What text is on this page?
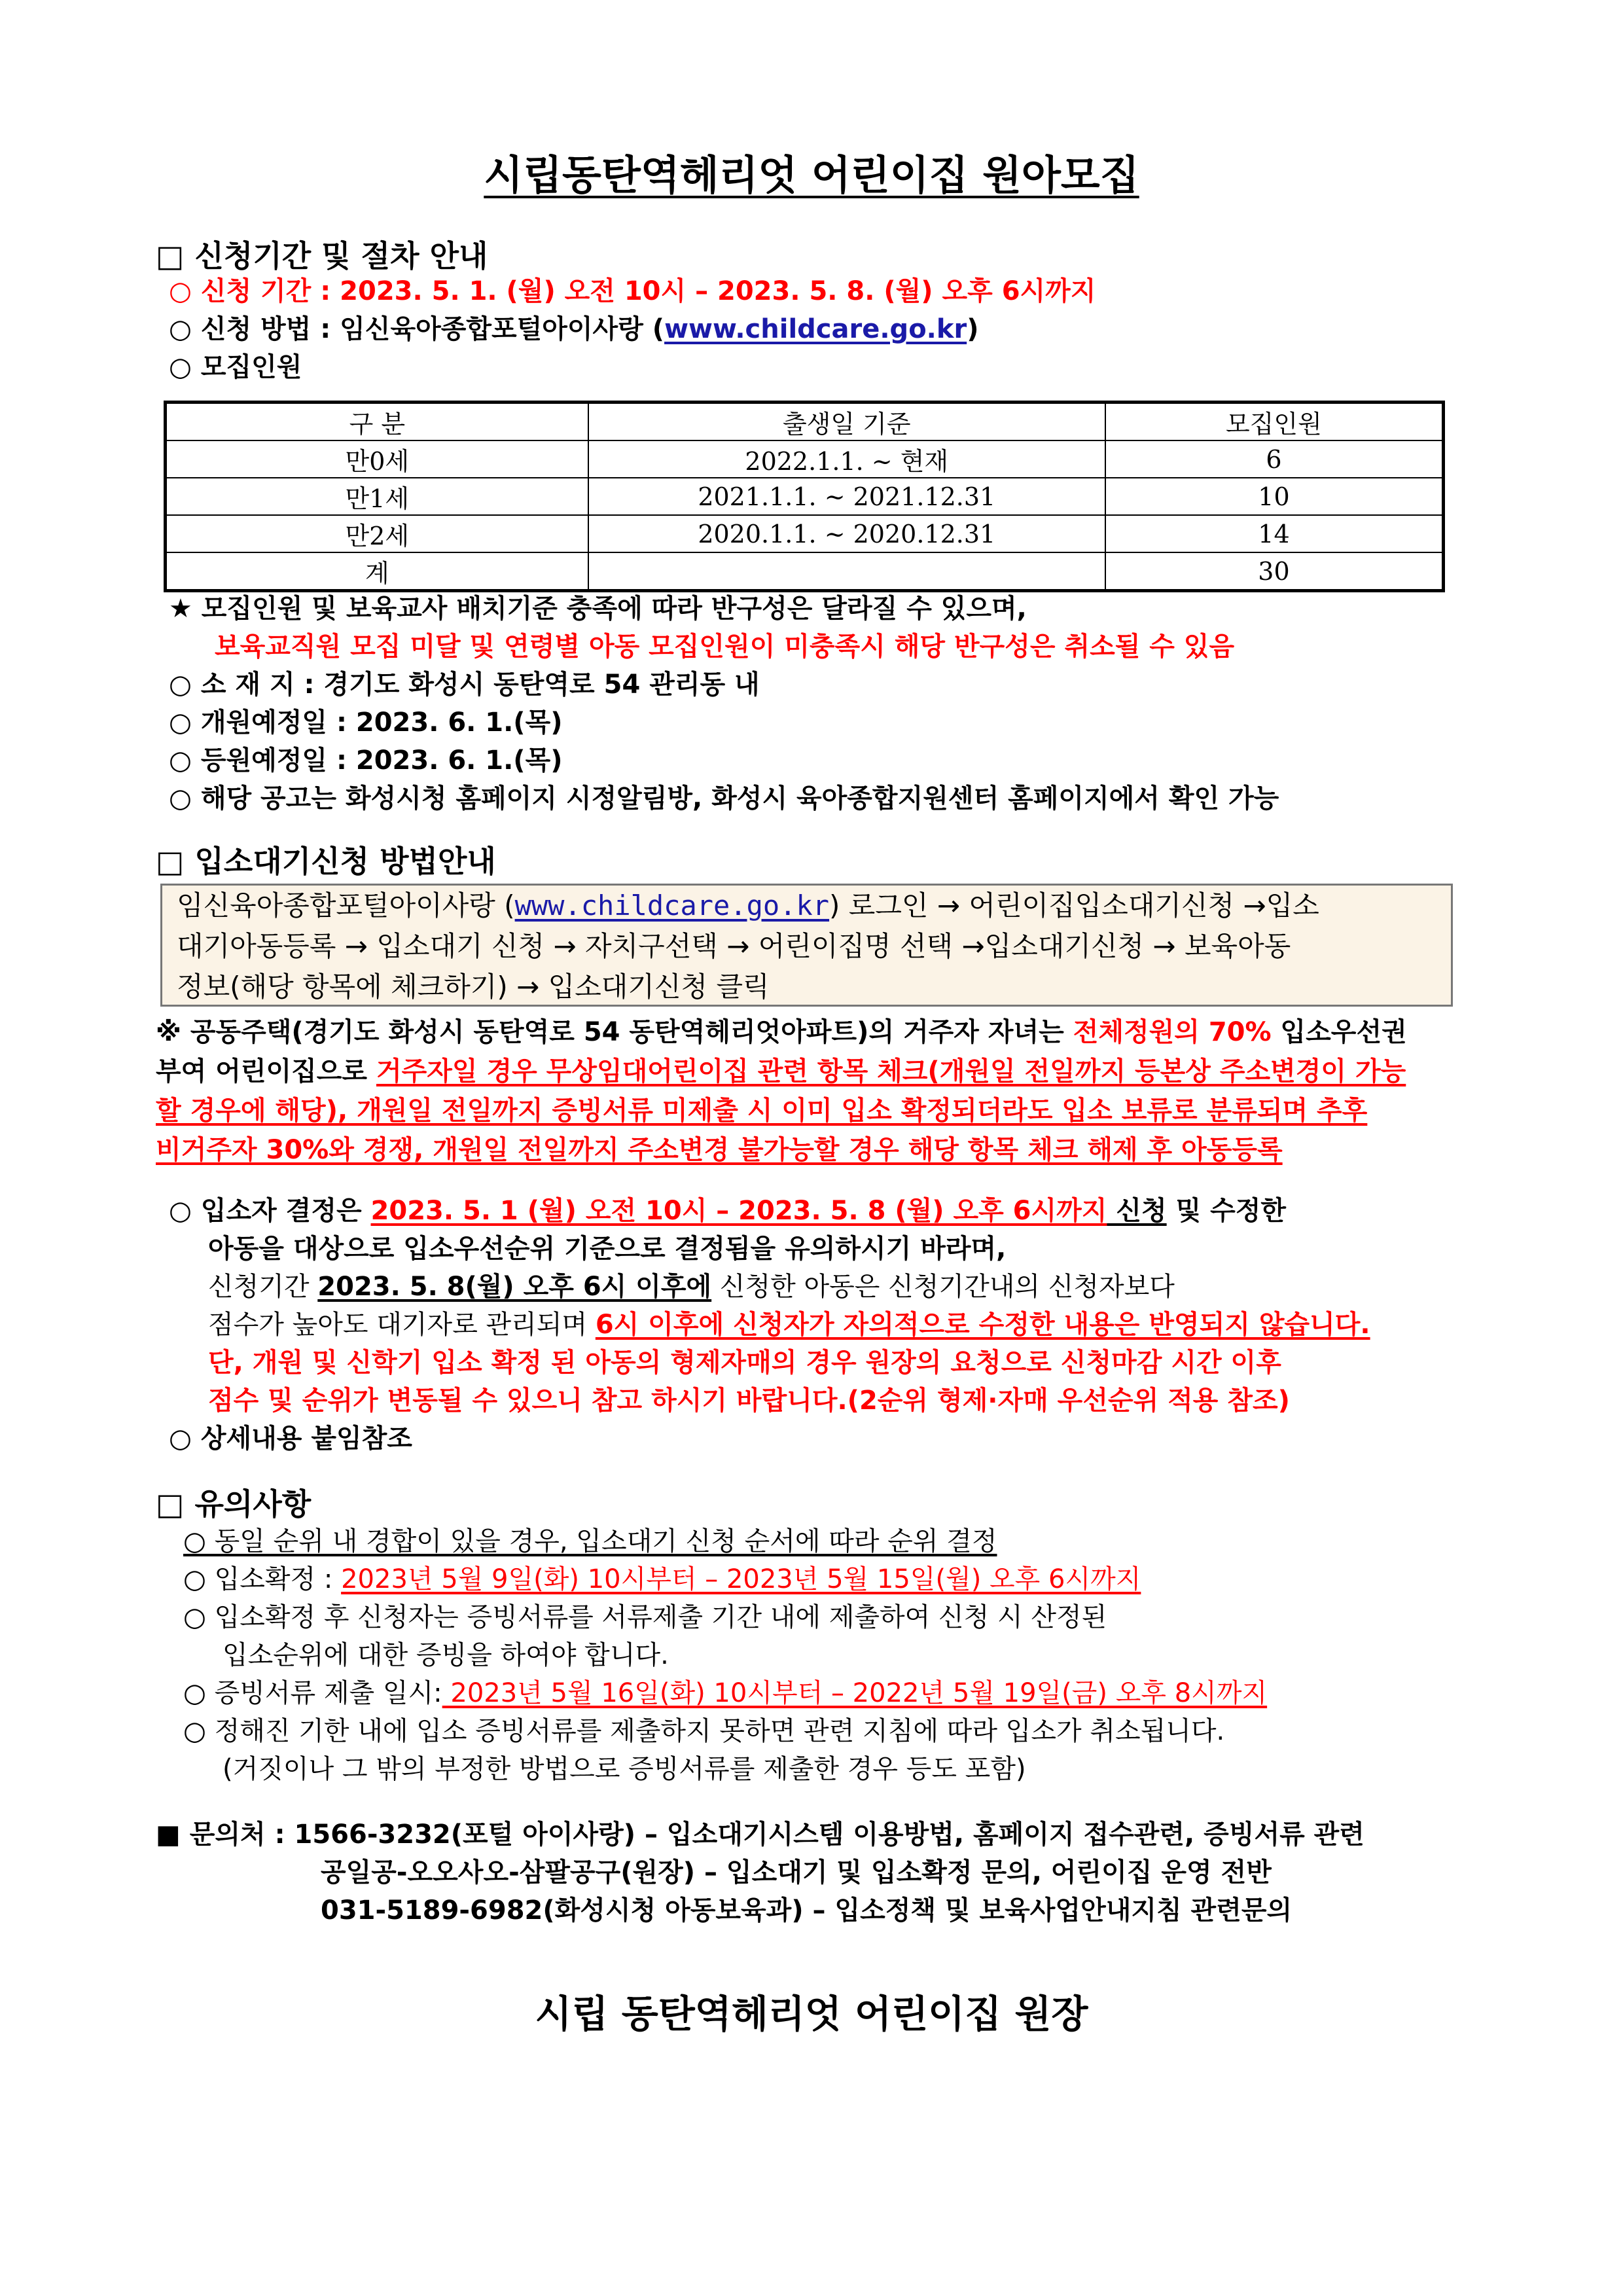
시립동탄역헤리엇 어린이집 원아모집
□ 신청기간 및 절차 안내
○ 신청 기간 : 2023. 5. 1. (월) 오전 10시 – 2023. 5. 8. (월) 오후 6시까지
○ 신청 방법 : 임신육아종합포털아이사랑 (www.childcare.go.kr)
○ 모집인원
구 분	출생일 기준	모집인원
만0세	2022.1.1. ~ 현재	6
만1세	2021.1.1. ~ 2021.12.31	10
만2세	2020.1.1. ~ 2020.12.31	14
계		30
★ 모집인원 및 보육교사 배치기준 충족에 따라 반구성은 달라질 수 있으며,
보육교직원 모집 미달 및 연령별 아동 모집인원이 미충족시 해당 반구성은 취소될 수 있음
○ 소 재 지 : 경기도 화성시 동탄역로 54 관리동 내
○ 개원예정일 : 2023. 6. 1.(목)
○ 등원예정일 : 2023. 6. 1.(목)
○ 해당 공고는 화성시청 홈페이지 시정알림방, 화성시 육아종합지원센터 홈페이지에서 확인 가능
□ 입소대기신청 방법안내
임신육아종합포털아이사랑 (www.childcare.go.kr) 로그인 → 어린이집입소대기신청 →입소
대기아동등록 → 입소대기 신청 → 자치구선택 → 어린이집명 선택 →입소대기신청 → 보육아동
정보(해당 항목에 체크하기) → 입소대기신청 클릭
※ 공동주택(경기도 화성시 동탄역로 54 동탄역헤리엇아파트)의 거주자 자녀는 전체정원의 70% 입소우선권
부여 어린이집으로 거주자일 경우 무상임대어린이집 관련 항목 체크(개원일 전일까지 등본상 주소변경이 가능
할 경우에 해당), 개원일 전일까지 증빙서류 미제출 시 이미 입소 확정되더라도 입소 보류로 분류되며 추후
비거주자 30%와 경쟁, 개원일 전일까지 주소변경 불가능할 경우 해당 항목 체크 해제 후 아동등록
○ 입소자 결정은 2023. 5. 1 (월) 오전 10시 – 2023. 5. 8 (월) 오후 6시까지 신청 및 수정한
아동을 대상으로 입소우선순위 기준으로 결정됨을 유의하시기 바라며,
신청기간 2023. 5. 8(월) 오후 6시 이후에 신청한 아동은 신청기간내의 신청자보다
점수가 높아도 대기자로 관리되며 6시 이후에 신청자가 자의적으로 수정한 내용은 반영되지 않습니다.
단, 개원 및 신학기 입소 확정 된 아동의 형제자매의 경우 원장의 요청으로 신청마감 시간 이후
점수 및 순위가 변동될 수 있으니 참고 하시기 바랍니다.(2순위 형제·자매 우선순위 적용 참조)
○ 상세내용 붙임참조
□ 유의사항
○ 동일 순위 내 경합이 있을 경우, 입소대기 신청 순서에 따라 순위 결정
○ 입소확정 : 2023년 5월 9일(화) 10시부터 – 2023년 5월 15일(월) 오후 6시까지
○ 입소확정 후 신청자는 증빙서류를 서류제출 기간 내에 제출하여 신청 시 산정된
입소순위에 대한 증빙을 하여야 합니다.
○ 증빙서류 제출 일시: 2023년 5월 16일(화) 10시부터 – 2022년 5월 19일(금) 오후 8시까지
○ 정해진 기한 내에 입소 증빙서류를 제출하지 못하면 관련 지침에 따라 입소가 취소됩니다.
(거짓이나 그 밖의 부정한 방법으로 증빙서류를 제출한 경우 등도 포함)
■ 문의처 : 1566-3232(포털 아이사랑) – 입소대기시스템 이용방법, 홈페이지 접수관련, 증빙서류 관련
공일공-오오사오-삼팔공구(원장) – 입소대기 및 입소확정 문의, 어린이집 운영 전반
031-5189-6982(화성시청 아동보육과) – 입소정책 및 보육사업안내지침 관련문의
시립 동탄역헤리엇 어린이집 원장
